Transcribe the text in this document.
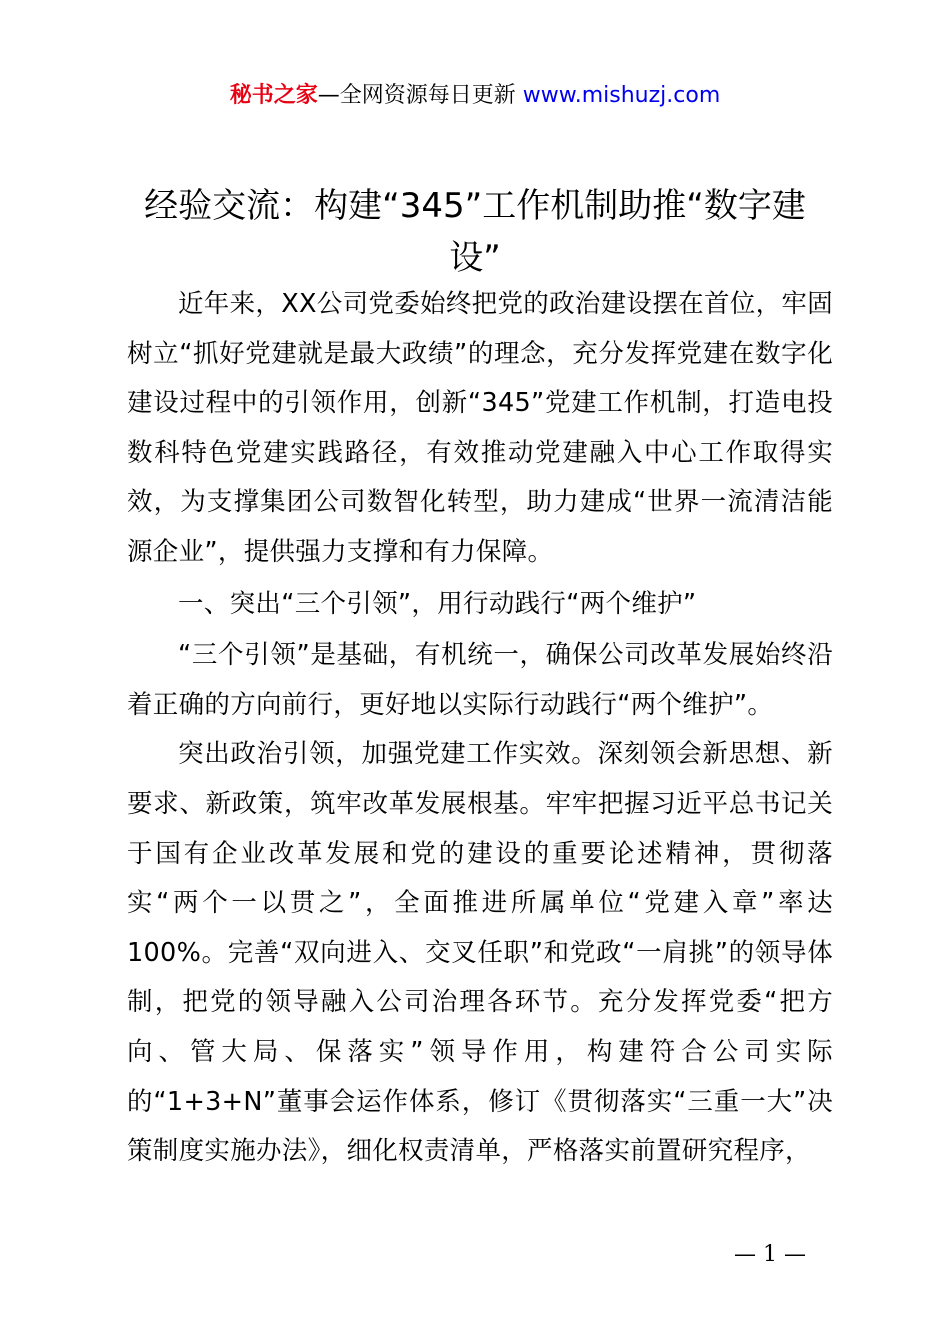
秘书之家—全网资源每日更新 www.mishuzj.com
经验交流：构建“345”工作机制助推“数字建设”

近年来，XX公司党委始终把党的政治建设摆在首位，牢固树立“抓好党建就是最大政绩”的理念，充分发挥党建在数字化建设过程中的引领作用，创新“345”党建工作机制，打造电投数科特色党建实践路径，有效推动党建融入中心工作取得实效，为支撑集团公司数智化转型，助力建成“世界一流清洁能源企业”，提供强力支撑和有力保障。

一、突出“三个引领”，用行动践行“两个维护”

“三个引领”是基础，有机统一，确保公司改革发展始终沿着正确的方向前行，更好地以实际行动践行“两个维护”。

突出政治引领，加强党建工作实效。深刻领会新思想、新要求、新政策，筑牢改革发展根基。牢牢把握习近平总书记关于国有企业改革发展和党的建设的重要论述精神，贯彻落实“两个一以贯之”，全面推进所属单位“党建入章”率达100%。完善“双向进入、交叉任职”和党政“一肩挑”的领导体制，把党的领导融入公司治理各环节。充分发挥党委“把方向、管大局、保落实”领导作用，构建符合公司实际的“1+3+N”董事会运作体系，修订《贯彻落实“三重一大”决策制度实施办法》，细化权责清单，严格落实前置研究程序，

— 1 —
